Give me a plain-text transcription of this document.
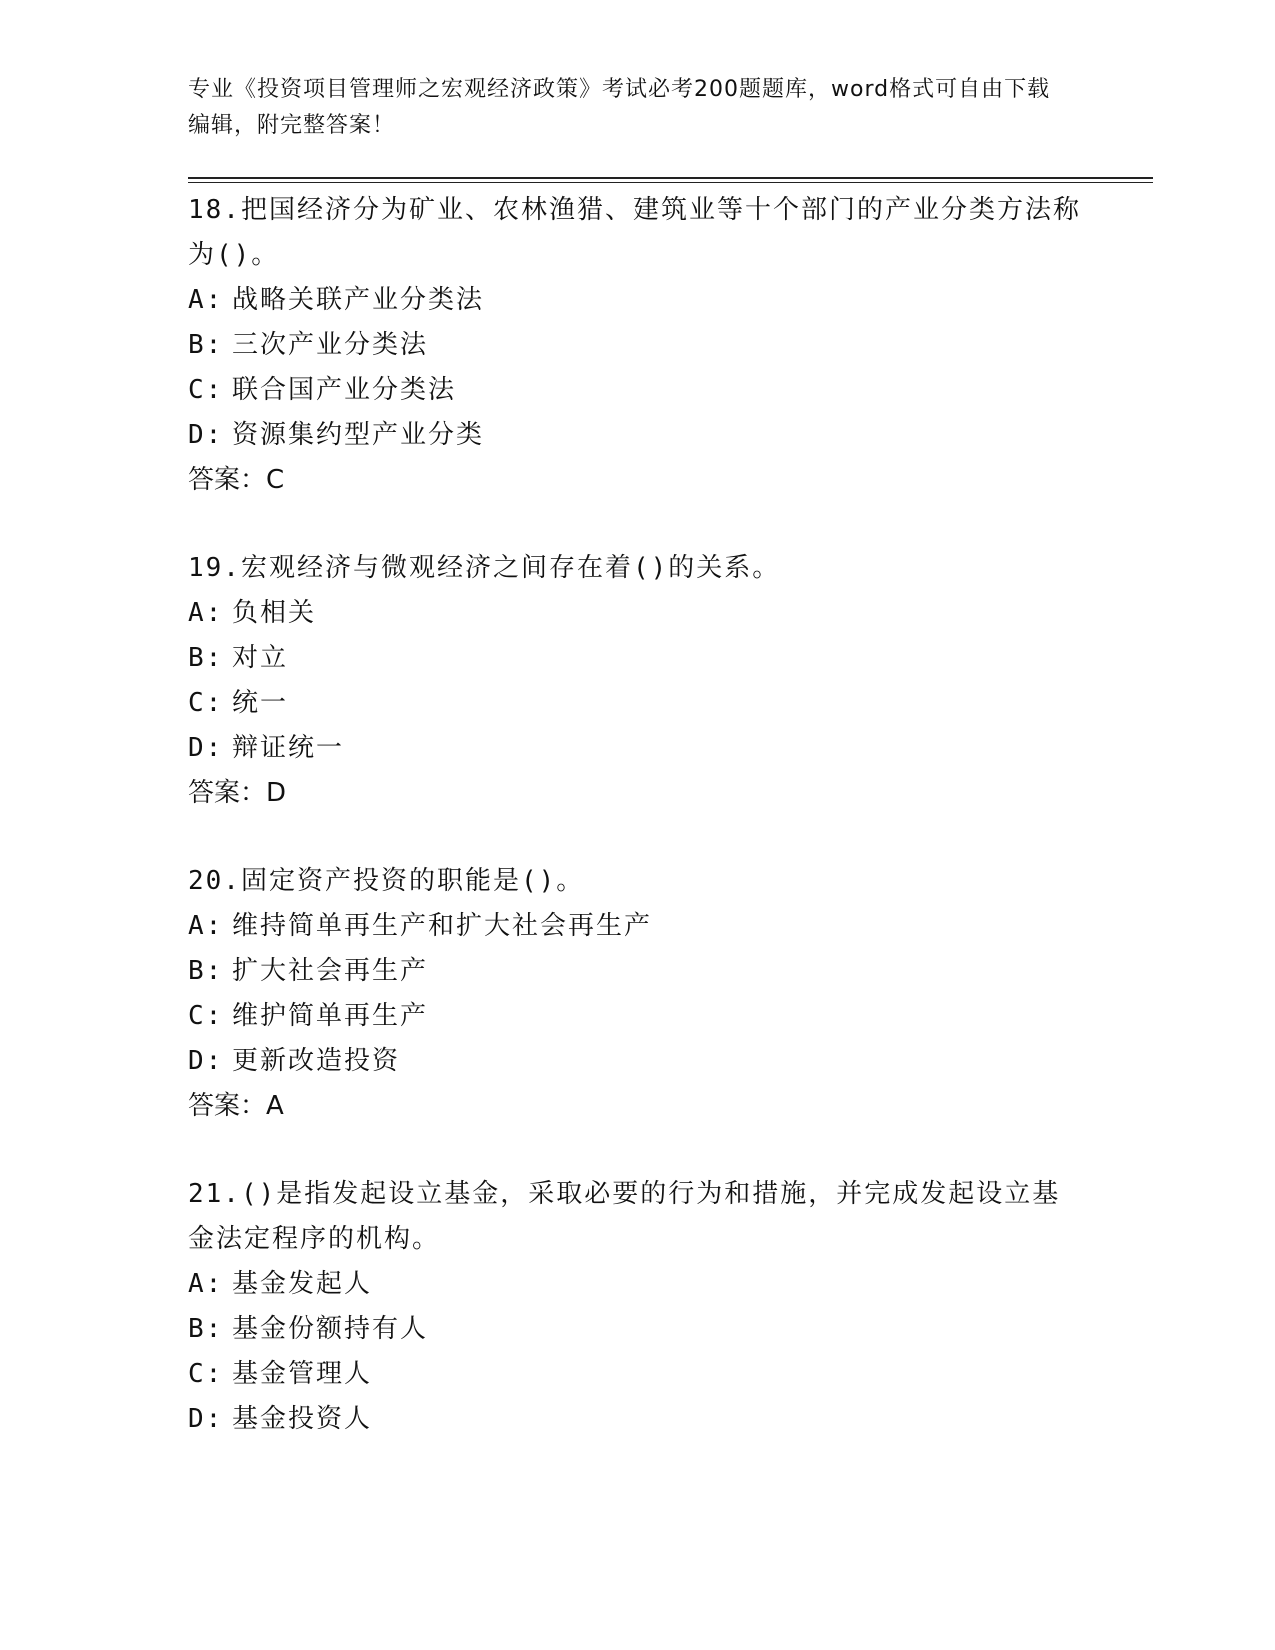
专业《投资项目管理师之宏观经济政策》考试必考200题题库，word格式可自由下载编辑，附完整答案！
18.把国经济分为矿业、农林渔猎、建筑业等十个部门的产业分类方法称为()。
A: 战略关联产业分类法
B: 三次产业分类法
C: 联合国产业分类法
D: 资源集约型产业分类
答案：C
19.宏观经济与微观经济之间存在着()的关系。
A: 负相关
B: 对立
C: 统一
D: 辩证统一
答案：D
20.固定资产投资的职能是()。
A: 维持简单再生产和扩大社会再生产
B: 扩大社会再生产
C: 维护简单再生产
D: 更新改造投资
答案：A
21.()是指发起设立基金，采取必要的行为和措施，并完成发起设立基金法定程序的机构。
A: 基金发起人
B: 基金份额持有人
C: 基金管理人
D: 基金投资人
